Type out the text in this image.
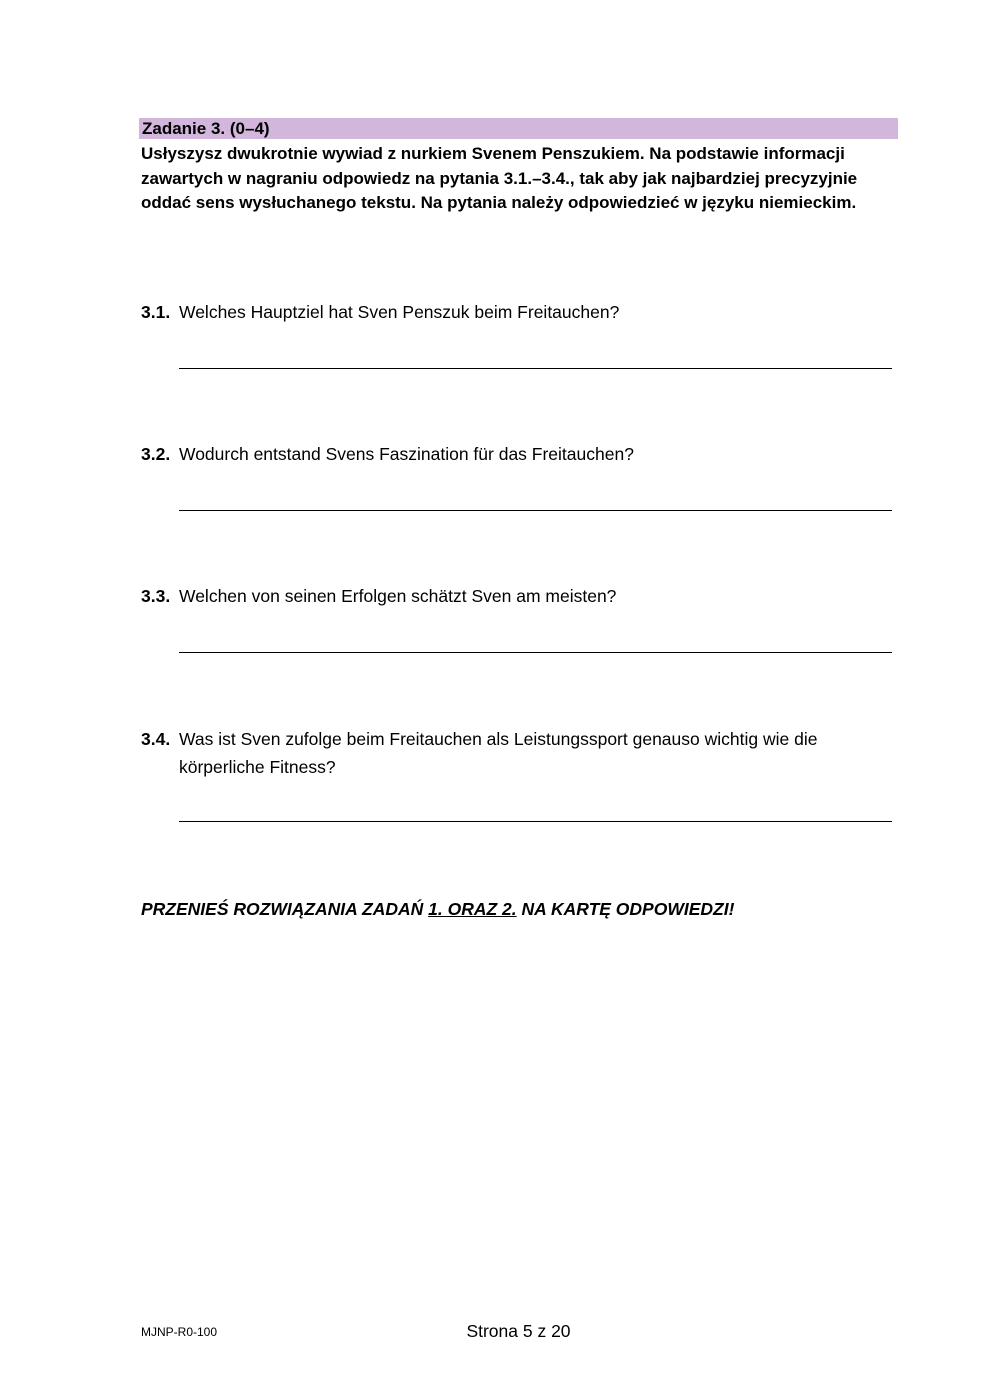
Zadanie 3. (0–4)
Usłyszysz dwukrotnie wywiad z nurkiem Svenem Penszukiem. Na podstawie informacji zawartych w nagraniu odpowiedz na pytania 3.1.–3.4., tak aby jak najbardziej precyzyjnie oddać sens wysłuchanego tekstu. Na pytania należy odpowiedzieć w języku niemieckim.
3.1. Welches Hauptziel hat Sven Penszuk beim Freitauchen?
3.2. Wodurch entstand Svens Faszination für das Freitauchen?
3.3. Welchen von seinen Erfolgen schätzt Sven am meisten?
3.4. Was ist Sven zufolge beim Freitauchen als Leistungssport genauso wichtig wie die körperliche Fitness?
PRZENIEŚ ROZWIĄZANIA ZADAŃ 1. ORAZ 2. NA KARTĘ ODPOWIEDZI!
MJNP-R0-100	Strona 5 z 20
